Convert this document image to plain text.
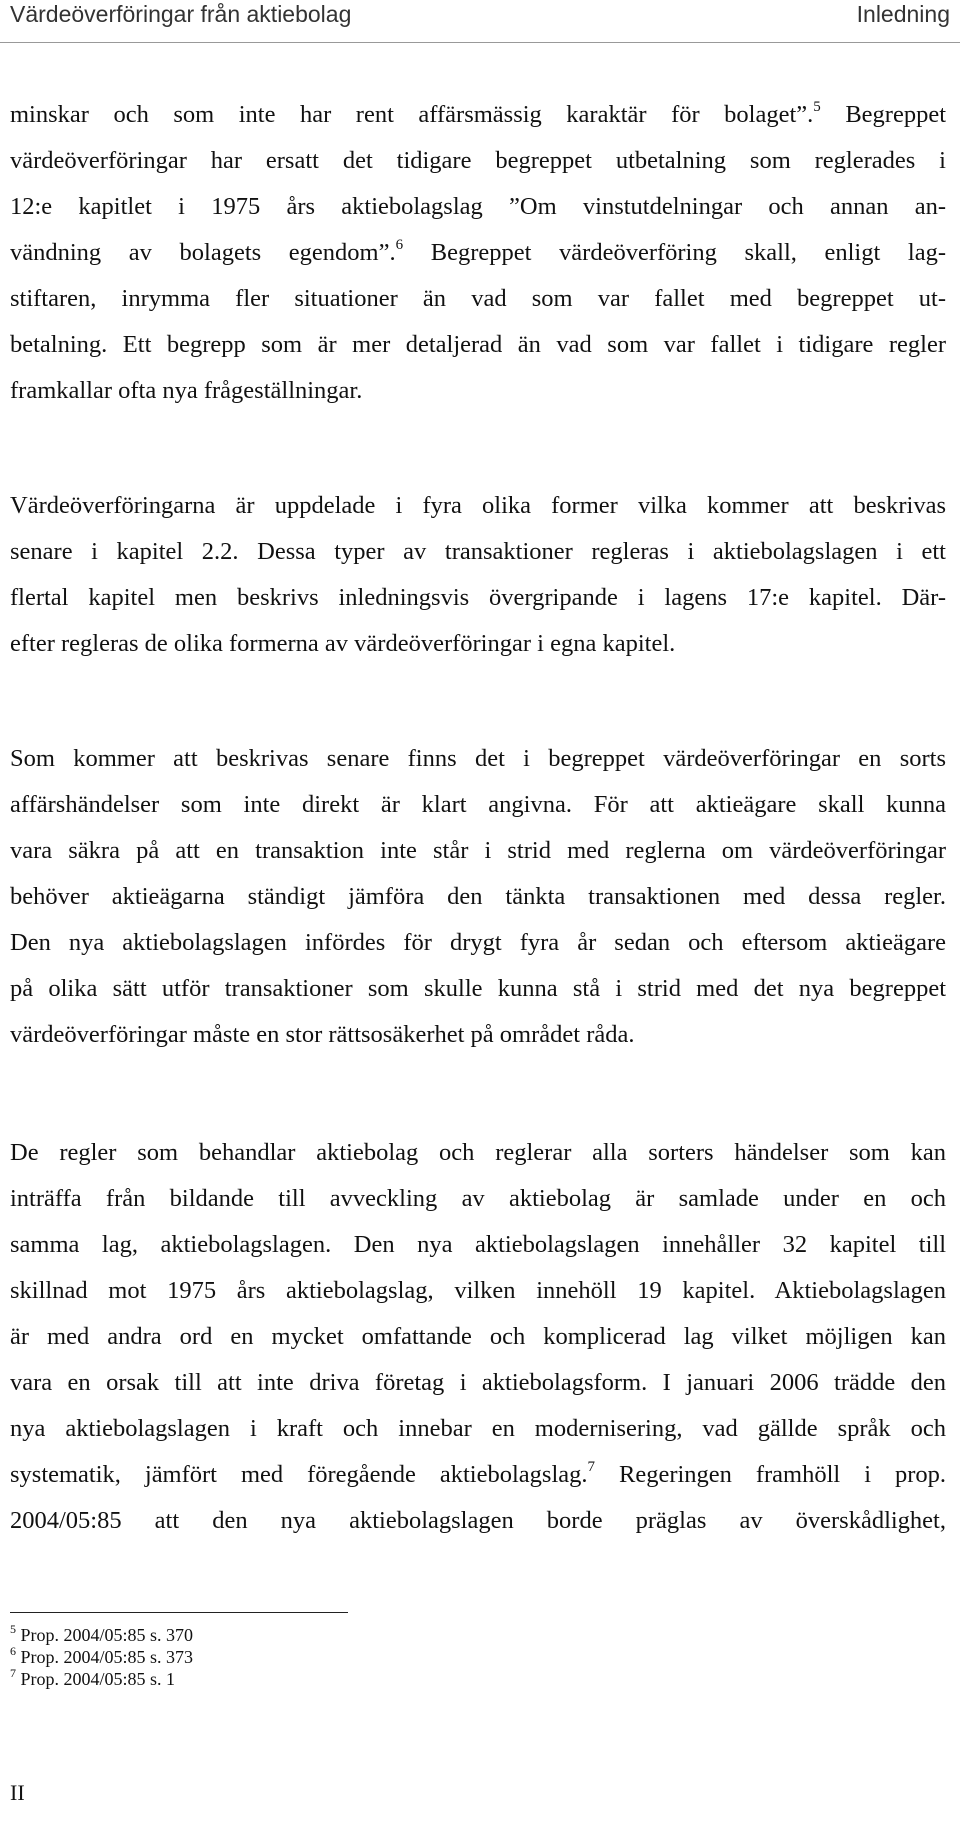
Värdeöverföringar från aktiebolag	Inledning
minskar och som inte har rent affärsmässig karaktär för bolaget”.$^5$ Begreppet
värdeöverföringar har ersatt det tidigare begreppet utbetalning som reglerades i
12:e kapitlet i 1975 års aktiebolagslag ”Om vinstutdelningar och annan an-
vändning av bolagets egendom”.$^6$ Begreppet värdeöverföring skall, enligt lag-
stiftaren, inrymma fler situationer än vad som var fallet med begreppet ut-
betalning. Ett begrepp som är mer detaljerad än vad som var fallet i tidigare regler
framkallar ofta nya frågeställningar.
Värdeöverföringarna är uppdelade i fyra olika former vilka kommer att beskrivas
senare i kapitel 2.2. Dessa typer av transaktioner regleras i aktiebolagslagen i ett
flertal kapitel men beskrivs inledningsvis övergripande i lagens 17:e kapitel. Där-
efter regleras de olika formerna av värdeöverföringar i egna kapitel.
Som kommer att beskrivas senare finns det i begreppet värdeöverföringar en sorts
affärshändelser som inte direkt är klart angivna. För att aktieägare skall kunna
vara säkra på att en transaktion inte står i strid med reglerna om värdeöverföringar
behöver aktieägarna ständigt jämföra den tänkta transaktionen med dessa regler.
Den nya aktiebolagslagen infördes för drygt fyra år sedan och eftersom aktieägare
på olika sätt utför transaktioner som skulle kunna stå i strid med det nya begreppet
värdeöverföringar måste en stor rättsosäkerhet på området råda.
De regler som behandlar aktiebolag och reglerar alla sorters händelser som kan
inträffa från bildande till avveckling av aktiebolag är samlade under en och
samma lag, aktiebolagslagen. Den nya aktiebolagslagen innehåller 32 kapitel till
skillnad mot 1975 års aktiebolagslag, vilken innehöll 19 kapitel. Aktiebolagslagen
är med andra ord en mycket omfattande och komplicerad lag vilket möjligen kan
vara en orsak till att inte driva företag i aktiebolagsform. I januari 2006 trädde den
nya aktiebolagslagen i kraft och innebar en modernisering, vad gällde språk och
systematik, jämfört med föregående aktiebolagslag.$^7$ Regeringen framhöll i prop.
2004/05:85 att den nya aktiebolagslagen borde präglas av överskådlighet,
$^5$ Prop. 2004/05:85 s. 370
$^6$ Prop. 2004/05:85 s. 373
$^7$ Prop. 2004/05:85 s. 1
II
